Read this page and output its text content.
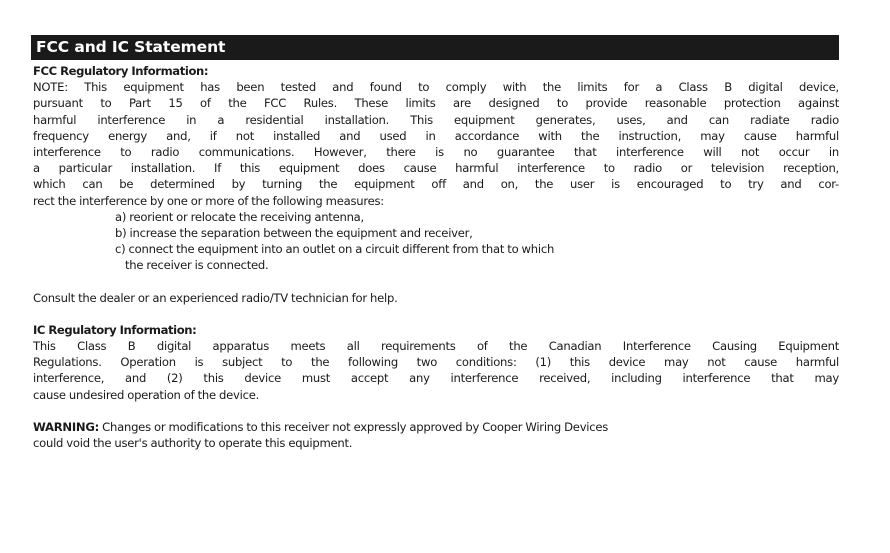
FCC and IC Statement
FCC Regulatory Information:
NOTE: This equipment has been tested and found to comply with the limits for a Class B digital device,
pursuant to Part 15 of the FCC Rules. These limits are designed to provide reasonable protection against
harmful interference in a residential installation. This equipment generates, uses, and can radiate radio
frequency energy and, if not installed and used in accordance with the instruction, may cause harmful
interference to radio communications. However, there is no guarantee that interference will not occur in
a particular installation. If this equipment does cause harmful interference to radio or television reception,
which can be determined by turning the equipment off and on, the user is encouraged to try and cor-
rect the interference by one or more of the following measures:
a) reorient or relocate the receiving antenna,
b) increase the separation between the equipment and receiver,
c) connect the equipment into an outlet on a circuit different from that to which
the receiver is connected.
Consult the dealer or an experienced radio/TV technician for help.
IC Regulatory Information:
This Class B digital apparatus meets all requirements of the Canadian Interference Causing Equipment
Regulations. Operation is subject to the following two conditions: (1) this device may not cause harmful
interference, and (2) this device must accept any interference received, including interference that may
cause undesired operation of the device.
WARNING: Changes or modifications to this receiver not expressly approved by Cooper Wiring Devices
could void the user's authority to operate this equipment.
